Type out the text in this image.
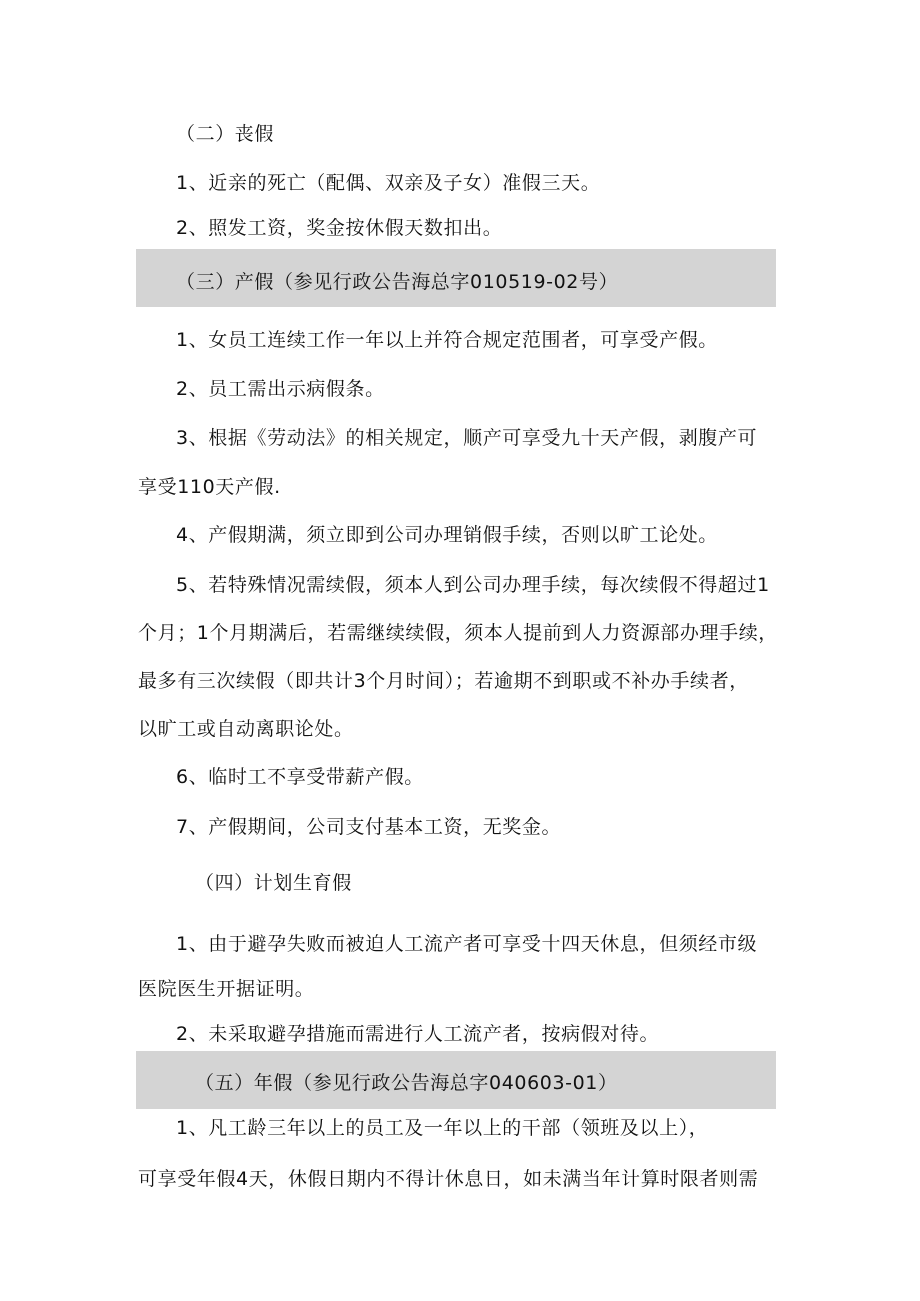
（二）丧假
1、近亲的死亡（配偶、双亲及子女）准假三天。
2、照发工资，奖金按休假天数扣出。
（三）产假（参见行政公告海总字010519-02号）
1、女员工连续工作一年以上并符合规定范围者，可享受产假。
2、员工需出示病假条。
3、根据《劳动法》的相关规定，顺产可享受九十天产假，剥腹产可
享受110天产假.
4、产假期满，须立即到公司办理销假手续，否则以旷工论处。
5、若特殊情况需续假，须本人到公司办理手续，每次续假不得超过1
个月；1个月期满后，若需继续续假，须本人提前到人力资源部办理手续，
最多有三次续假（即共计3个月时间）；若逾期不到职或不补办手续者，
以旷工或自动离职论处。
6、临时工不享受带薪产假。
7、产假期间，公司支付基本工资，无奖金。
（四）计划生育假
1、由于避孕失败而被迫人工流产者可享受十四天休息，但须经市级
医院医生开据证明。
2、未采取避孕措施而需进行人工流产者，按病假对待。
（五）年假（参见行政公告海总字040603-01）
1、凡工龄三年以上的员工及一年以上的干部（领班及以上），
可享受年假4天，休假日期内不得计休息日，如未满当年计算时限者则需
